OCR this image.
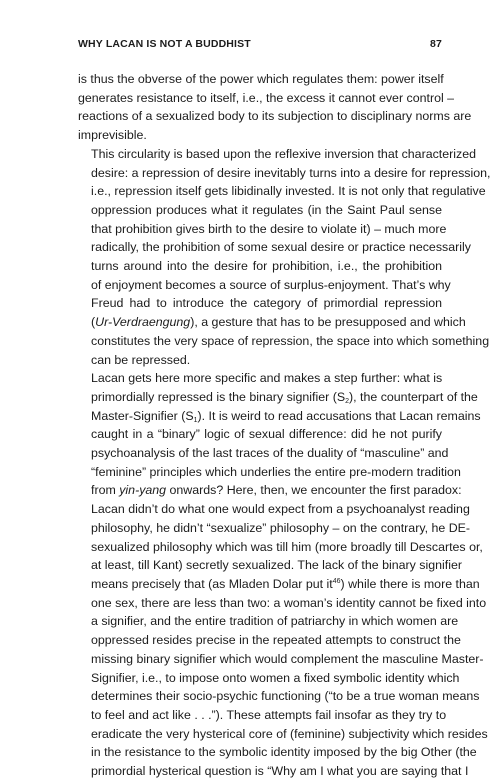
WHY LACAN IS NOT A BUDDHIST	87

is thus the obverse of the power which regulates them: power itself
generates resistance to itself, i.e., the excess it cannot ever control –
reactions of a sexualized body to its subjection to disciplinary norms are
imprevisible.

This circularity is based upon the reflexive inversion that characterized
desire: a repression of desire inevitably turns into a desire for repression,
i.e., repression itself gets libidinally invested. It is not only that regulative
oppression produces what it regulates (in the Saint Paul sense
that prohibition gives birth to the desire to violate it) – much more
radically, the prohibition of some sexual desire or practice necessarily
turns around into the desire for prohibition, i.e., the prohibition
of enjoyment becomes a source of surplus-enjoyment. That’s why
Freud had to introduce the category of primordial repression
(Ur-Verdraengung), a gesture that has to be presupposed and which
constitutes the very space of repression, the space into which something
can be repressed.

Lacan gets here more specific and makes a step further: what is
primordially repressed is the binary signifier $(S_2)$, the counterpart of the
Master-Signifier $(S_1)$. It is weird to read accusations that Lacan remains
caught in a “binary” logic of sexual difference: did he not purify
psychoanalysis of the last traces of the duality of “masculine” and
“feminine” principles which underlies the entire pre-modern tradition
from yin-yang onwards? Here, then, we encounter the first paradox:
Lacan didn’t do what one would expect from a psychoanalyst reading
philosophy, he didn’t “sexualize” philosophy – on the contrary, he DE-
sexualized philosophy which was till him (more broadly till Descartes or,
at least, till Kant) secretly sexualized. The lack of the binary signifier
means precisely that (as Mladen Dolar put $it^{46}$) while there is more than
one sex, there are less than two: a woman’s identity cannot be fixed into
a signifier, and the entire tradition of patriarchy in which women are
oppressed resides precise in the repeated attempts to construct the
missing binary signifier which would complement the masculine Master-
Signifier, i.e., to impose onto women a fixed symbolic identity which
determines their socio-psychic functioning (“to be a true woman means
to feel and act like . . .”). These attempts fail insofar as they try to
eradicate the very hysterical core of (feminine) subjectivity which resides
in the resistance to the symbolic identity imposed by the big Other (the
primordial hysterical question is “Why am I what you are saying that I
